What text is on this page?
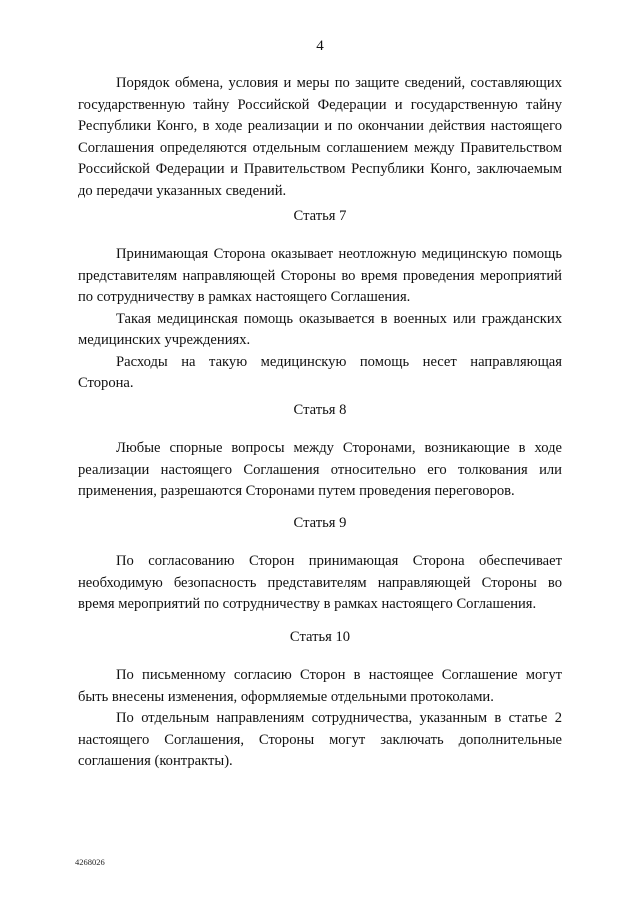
4

Порядок обмена, условия и меры по защите сведений, составляющих государственную тайну Российской Федерации и государственную тайну Республики Конго, в ходе реализации и по окончании действия настоящего Соглашения определяются отдельным соглашением между Правительством Российской Федерации и Правительством Республики Конго, заключаемым до передачи указанных сведений.

Статья 7

Принимающая Сторона оказывает неотложную медицинскую помощь представителям направляющей Стороны во время проведения мероприятий по сотрудничеству в рамках настоящего Соглашения.

Такая медицинская помощь оказывается в военных или гражданских медицинских учреждениях.

Расходы на такую медицинскую помощь несет направляющая Сторона.

Статья 8

Любые спорные вопросы между Сторонами, возникающие в ходе реализации настоящего Соглашения относительно его толкования или применения, разрешаются Сторонами путем проведения переговоров.

Статья 9

По согласованию Сторон принимающая Сторона обеспечивает необходимую безопасность представителям направляющей Стороны во время мероприятий по сотрудничеству в рамках настоящего Соглашения.

Статья 10

По письменному согласию Сторон в настоящее Соглашение могут быть внесены изменения, оформляемые отдельными протоколами.

По отдельным направлениям сотрудничества, указанным в статье 2 настоящего Соглашения, Стороны могут заключать дополнительные соглашения (контракты).

4268026
